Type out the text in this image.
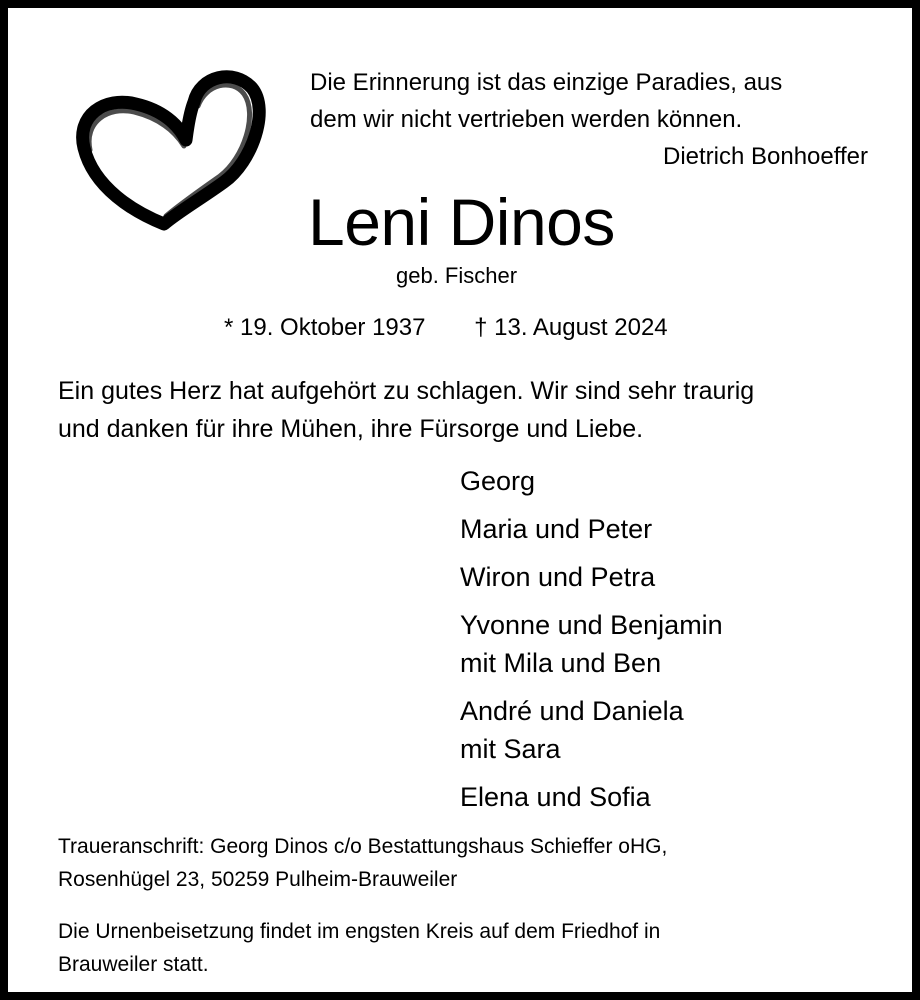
Die Erinnerung ist das einzige Paradies, aus
dem wir nicht vertrieben werden können.
Dietrich Bonhoeffer
Leni Dinos
geb. Fischer
* 19. Oktober 1937 † 13. August 2024
Ein gutes Herz hat aufgehört zu schlagen. Wir sind sehr traurig
und danken für ihre Mühen, ihre Fürsorge und Liebe.
Georg
Maria und Peter
Wiron und Petra
Yvonne und Benjamin
mit Mila und Ben
André und Daniela
mit Sara
Elena und Sofia
Traueranschrift: Georg Dinos c/o Bestattungshaus Schieffer oHG,
Rosenhügel 23, 50259 Pulheim-Brauweiler
Die Urnenbeisetzung findet im engsten Kreis auf dem Friedhof in
Brauweiler statt.
